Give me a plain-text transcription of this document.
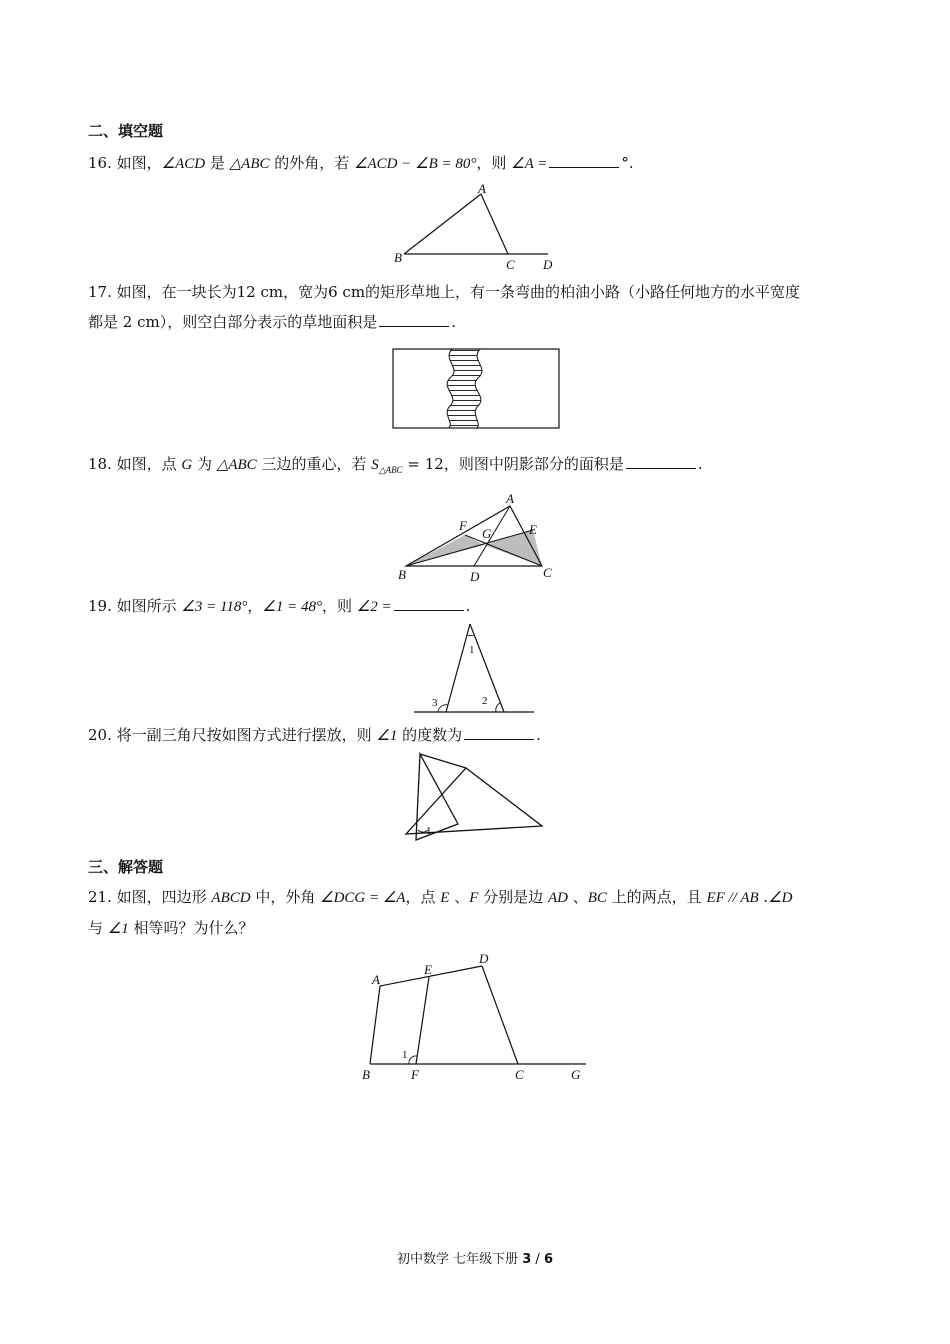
二、填空题
16. 如图，∠ACD 是 △ABC 的外角，若 ∠ACD − ∠B = 80°，则 ∠A =	°.
A
B	C D
17. 如图，在一块长为12 cm，宽为6 cm的矩形草地上，有一条弯曲的柏油小路（小路任何地方的水平宽度
都是 2 cm），则空白部分表示的草地面积是	.
18. 如图，点 G 为 △ABC 三边的重心，若 $S_{\triangle ABC} = 12$，则图中阴影部分的面积是	.
A
B	C
D
E
F
G
19. 如图所示 ∠3 = 118°，∠1 = 48°，则 ∠2 =	.
1
2
3
20. 将一副三角尺按如图方式进行摆放，则 ∠1 的度数为	.
1
三、解答题
21. 如图，四边形 ABCD 中，外角 ∠DCG = ∠A，点 E 、F 分别是边 AD 、BC 上的两点，且 EF // AB .∠D
与 ∠1 相等吗？为什么？
A
B	C
D
E
F	G
1
初中数学 七年级下册 3 / 6
